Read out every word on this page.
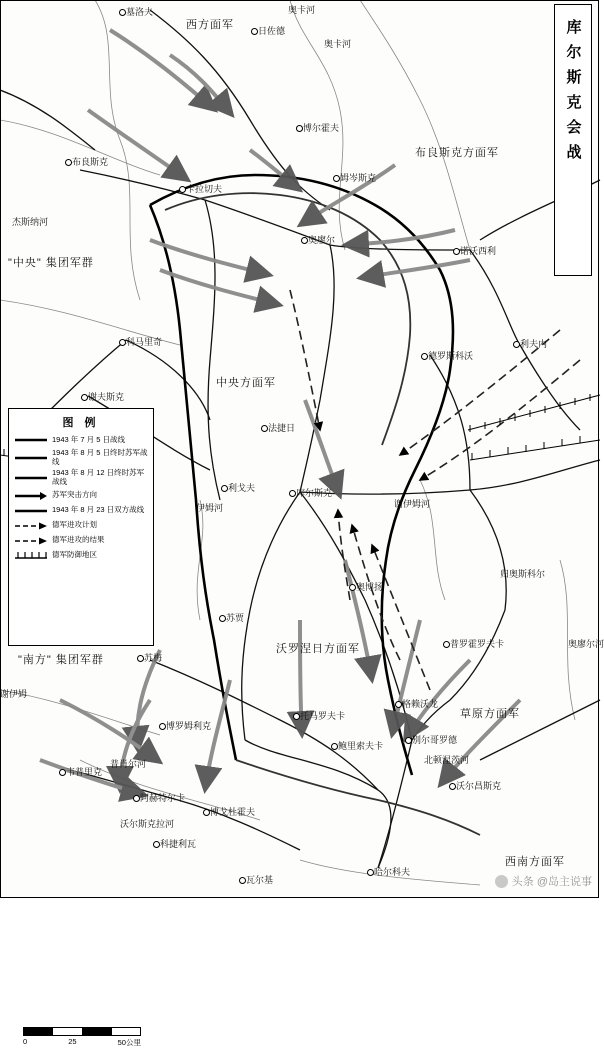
库尔斯克会战
图 例
1943 年 7 月 5 日战线
1943 年 8 月 5 日终时苏军战线
1943 年 8 月 12 日终时苏军战线
苏军突击方向
1943 年 8 月 23 日双方战线
德军进攻计划
德军进攻的结果
德军防御地区
0	25	50公里
西方面军
布良斯克方面军
中央方面军
沃罗涅日方面军
草原方面军
西南方面军
"中央" 集团军群
"南方" 集团军群
墓洛夫
日佐德
奥卡河
奥卡河
博尔霍夫
姆岑斯克
布良斯克
卡拉切夫
奥廖尔
诺沃西利
杰斯纳河
科马里奇
德罗斯科沃
利夫内
谢夫斯克
法捷日
利戈夫	库尔斯克
谢伊姆河
伊姆河
归奥斯科尔
奥博扬
苏贾
普罗霍罗夫卡
苏梅
托马罗夫卡
格赖沃龙
鲍里索夫卡
别尔哥罗德
沃尔昌斯克
博戈杜霍夫
阿赫特尔卡
博罗姆利克
韦普里克
科捷利瓦
瓦尔基
哈尔科夫
北顿涅茨河
普肖尔河
沃尔斯克拉河
奥廖尔河
谢伊姆
头条 @岛主说事
